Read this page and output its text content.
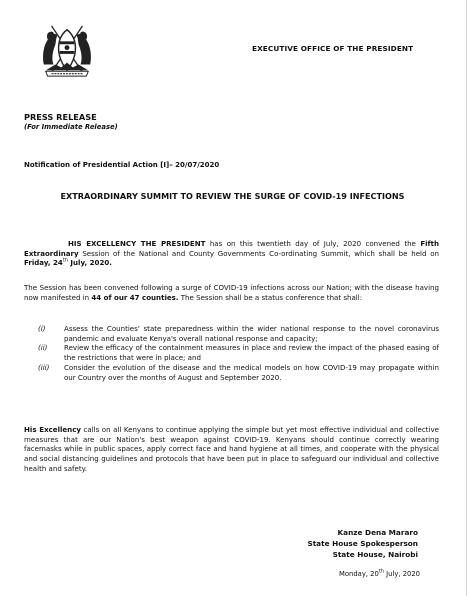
EXECUTIVE OFFICE OF THE PRESIDENT
PRESS RELEASE
(For Immediate Release)
Notification of Presidential Action [I]– 20/07/2020
EXTRAORDINARY SUMMIT TO REVIEW THE SURGE OF COVID-19 INFECTIONS
HIS EXCELLENCY THE PRESIDENT has on this twentieth day of July, 2020 convened the Fifth Extraordinary Session of the National and County Governments Co-ordinating Summit, which shall be held on Friday, 24th July, 2020.
The Session has been convened following a surge of COVID-19 infections across our Nation; with the disease having now manifested in 44 of our 47 counties. The Session shall be a status conference that shall:
(i)	Assess the Counties' state preparedness within the wider national response to the novel coronavirus pandemic and evaluate Kenya's overall national response and capacity;
(ii) Review the efficacy of the containment measures in place and review the impact of the phased easing of the restrictions that were in place; and
(iii) Consider the evolution of the disease and the medical models on how COVID-19 may propagate within our Country over the months of August and September 2020.
His Excellency calls on all Kenyans to continue applying the simple but yet most effective individual and collective measures that are our Nation's best weapon against COVID-19. Kenyans should continue correctly wearing facemasks while in public spaces, apply correct face and hand hygiene at all times, and cooperate with the physical and social distancing guidelines and protocols that have been put in place to safeguard our individual and collective health and safety.
Kanze Dena Mararo
State House Spokesperson
State House, Nairobi
Monday, 20th July, 2020
